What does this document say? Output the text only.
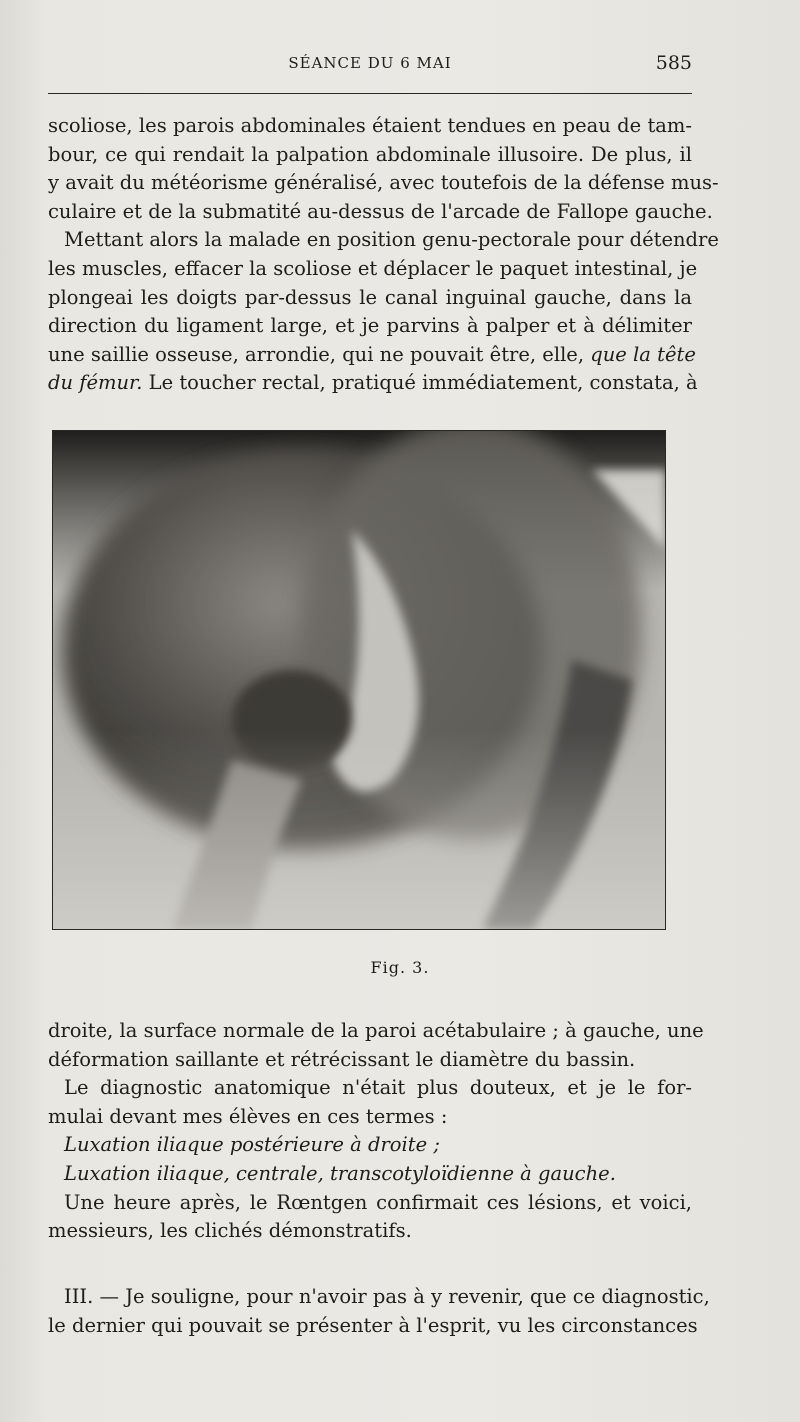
SÉANCE DU 6 MAI	585
scoliose, les parois abdominales étaient tendues en peau de tam-
bour, ce qui rendait la palpation abdominale illusoire. De plus, il
y avait du météorisme généralisé, avec toutefois de la défense mus-
culaire et de la submatité au-dessus de l'arcade de Fallope gauche.
Mettant alors la malade en position genu-pectorale pour détendre
les muscles, effacer la scoliose et déplacer le paquet intestinal, je
plongeai les doigts par-dessus le canal inguinal gauche, dans la
direction du ligament large, et je parvins à palper et à délimiter
une saillie osseuse, arrondie, qui ne pouvait être, elle, que la tête
du fémur. Le toucher rectal, pratiqué immédiatement, constata, à
Fig. 3.
droite, la surface normale de la paroi acétabulaire ; à gauche, une
déformation saillante et rétrécissant le diamètre du bassin.
Le diagnostic anatomique n'était plus douteux, et je le for-
mulai devant mes élèves en ces termes :
Luxation iliaque postérieure à droite ;
Luxation iliaque, centrale, transcotyloïdienne à gauche.
Une heure après, le Rœntgen confirmait ces lésions, et voici,
messieurs, les clichés démonstratifs.
III. — Je souligne, pour n'avoir pas à y revenir, que ce diagnostic,
le dernier qui pouvait se présenter à l'esprit, vu les circonstances
